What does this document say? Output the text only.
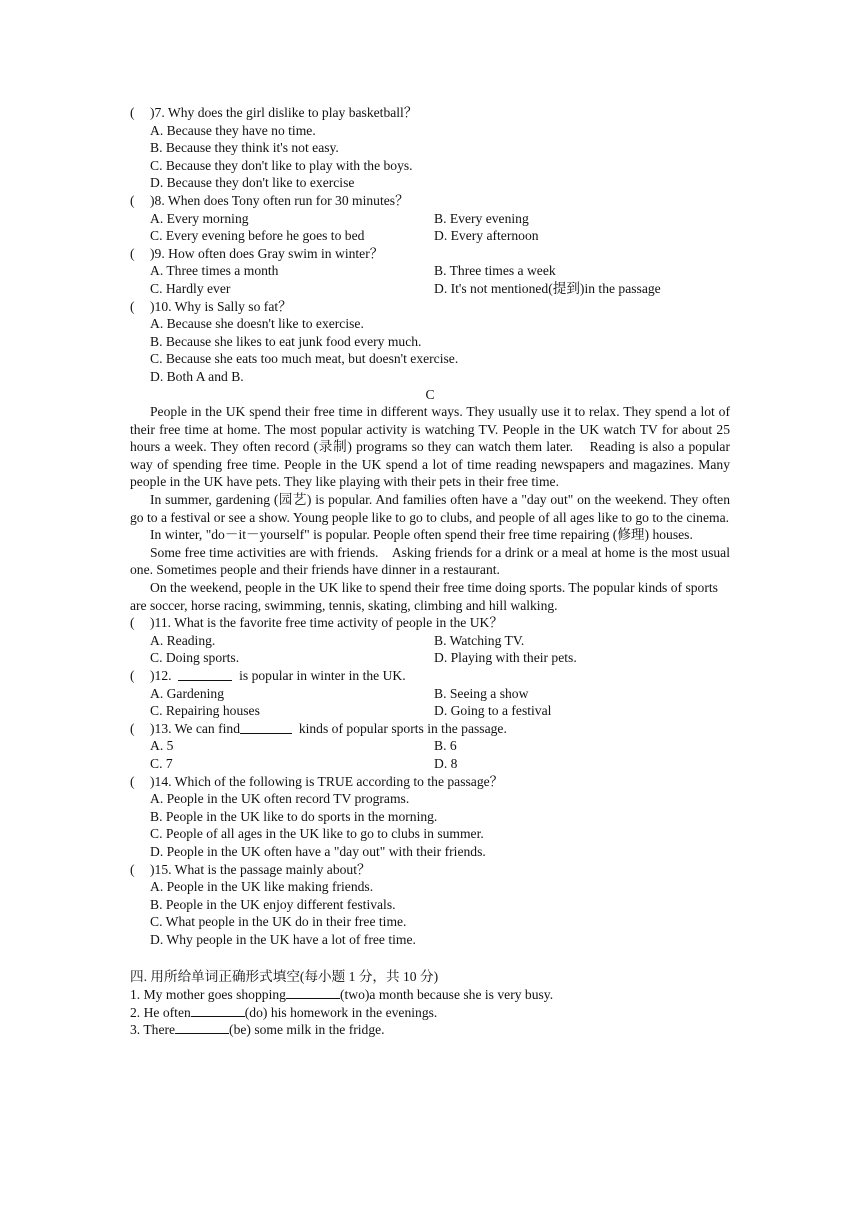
(	)7. Why does the girl dislike to play basketball？
A. Because they have no time.
B. Because they think it's not easy.
C. Because they don't like to play with the boys.
D. Because they don't like to exercise
(	)8. When does Tony often run for 30 minutes？
A. Every morning	B. Every evening
C. Every evening before he goes to bed	D. Every afternoon
(	)9. How often does Gray swim in winter？
A. Three times a month	B. Three times a week
C. Hardly ever	D. It's not mentioned(提到)in the passage
(	)10. Why is Sally so fat？
A. Because she doesn't like to exercise.
B. Because she likes to eat junk food every much.
C. Because she eats too much meat, but doesn't exercise.
D. Both A and B.
C

People in the UK spend their free time in different ways. They usually use it to relax. They spend a lot of their free time at home. The most popular activity is watching TV. People in the UK watch TV for about 25 hours a week. They often record (录制) programs so they can watch them later.    Reading is also a popular way of spending free time. People in the UK spend a lot of time reading newspapers and magazines. Many people in the UK have pets. They like playing with their pets in their free time.

In summer, gardening (园艺) is popular. And families often have a "day out" on the weekend. They often go to a festival or see a show. Young people like to go to clubs, and people of all ages like to go to the cinema.

In winter, "do－it－yourself" is popular. People often spend their free time repairing (修理) houses.

Some free time activities are with friends.    Asking friends for a drink or a meal at home is the most usual one. Sometimes people and their friends have dinner in a restaurant.

On the weekend, people in the UK like to spend their free time doing sports. The popular kinds of sports are soccer, horse racing, swimming, tennis, skating, climbing and hill walking.

(	)11. What is the favorite free time activity of people in the UK？
A. Reading.	B. Watching TV.
C. Doing sports.	D. Playing with their pets.
(	)12.	is popular in winter in the UK.
A. Gardening	B. Seeing a show
C. Repairing houses	D. Going to a festival
(	)13. We can find	kinds of popular sports in the passage.
A. 5	B. 6
C. 7	D. 8
(	)14. Which of the following is TRUE according to the passage？
A. People in the UK often record TV programs.
B. People in the UK like to do sports in the morning.
C. People of all ages in the UK like to go to clubs in summer.
D. People in the UK often have a "day out" with their friends.
(	)15. What is the passage mainly about？
A. People in the UK like making friends.
B. People in the UK enjoy different festivals.
C. What people in the UK do in their free time.
D. Why people in the UK have a lot of free time.
四. 用所给单词正确形式填空(每小题 1 分，共 10 分)
1. My mother goes shopping	(two)a month because she is very busy.
2. He often	(do) his homework in the evenings.
3. There	(be) some milk in the fridge.
